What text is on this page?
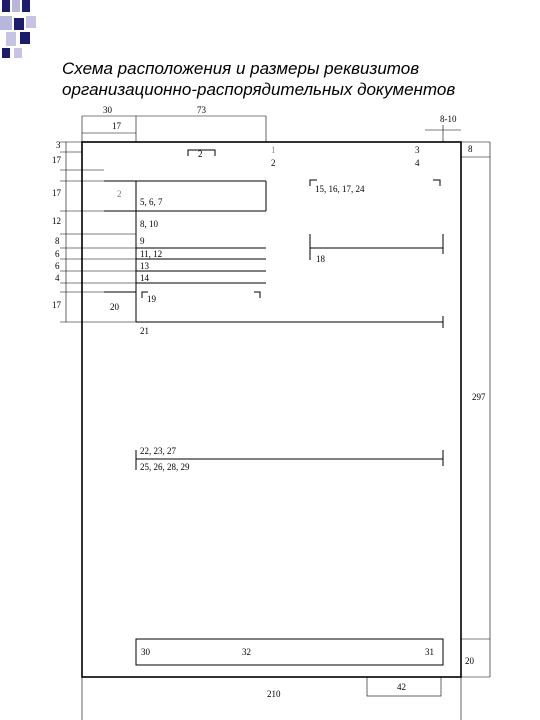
Схема расположения и размеры реквизитов
организационно-распорядительных документов
30
17
73
8-10
3
17
17
12
8
6
6
4
17
8
297
20
210
42
2	1
2
3
4
2
5, 6, 7
8, 10
9
11, 12
13
14
19
20
15, 16, 17, 24
18
21
22, 23, 27
25, 26, 28, 29
30	32	31
